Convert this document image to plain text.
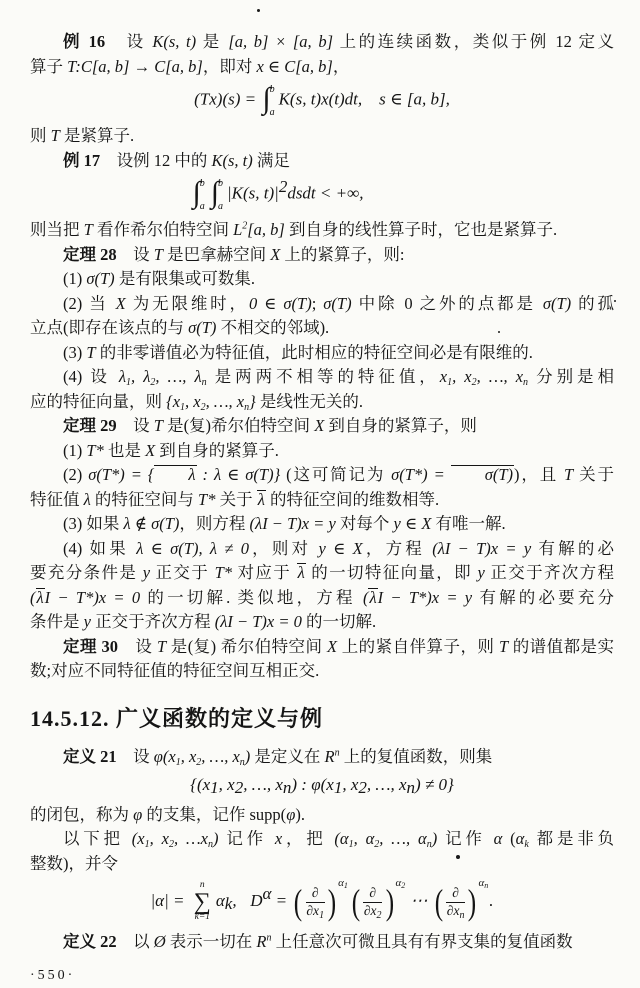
例 16　设 K(s, t) 是 [a, b] × [a, b] 上的连续函数，类似于例 12 定义
算子 T:C[a, b] → C[a, b]，即对 x ∈ C[a, b]，
(Tx)(s) = ∫ b
a
K(s, t)x(t)dt, s ∈ [a, b],
则 T 是紧算子.
例 17　设例 12 中的 K(s, t) 满足
∫ b
a ∫ b
a
|K(s, $t)|^2dsdt$ < +∞,
则当把 T 看作希尔伯特空间 $L^2[a$, b] 到自身的线性算子时，它也是紧算子.
定理 28　设 T 是巴拿赫空间 X 上的紧算子，则:
(1) σ(T) 是有限集或可数集.
(2) 当 X 为无限维时，0 ∈ σ(T); σ(T) 中除 0 之外的点都是 σ(T) 的孤
立点(即存在该点的与 σ(T) 不相交的邻域).
(3) T 的非零谱值必为特征值，此时相应的特征空间必是有限维的.
(4) 设 $\lambda_1$, $\lambda_2$, …, $\lambda_n$ 是两两不相等的特征值，$x_1$, $x_2$, …, $x_n$ 分别是相
应的特征向量，则 {$x_1$, $x_2$, …, $x_n$} 是线性无关的.
定理 29　设 T 是(复)希尔伯特空间 X 到自身的紧算子，则
(1) T* 也是 X 到自身的紧算子.
(2) σ(T*) = { λ : λ ∈ σ(T)} (这可简记为 σ(T*) = σ(T))，且 T 关于
特征值 λ 的特征空间与 T* 关于 λ 的特征空间的维数相等.
(3) 如果 λ ∉ σ(T)，则方程 (λI − T)x = y 对每个 y ∈ X 有唯一解.
(4) 如果 λ ∈ σ(T), λ ≠ 0，则对 y ∈ X，方程 (λI − T)x = y 有解的必
要充分条件是 y 正交于 T* 对应于 λ 的一切特征向量，即 y 正交于齐次方程
(λI − T*)x = 0 的一切解. 类似地，方程 (λI − T*)x = y 有解的必要充分
条件是 y 正交于齐次方程 (λI − T)x = 0 的一切解.
定理 30　设 T 是(复) 希尔伯特空间 X 上的紧自伴算子，则 T 的谱值都是实
数;对应不同特征值的特征空间互相正交.
14.5.12. 广义函数的定义与例
定义 21　设 $\varphi(x_1$, $x_2$, …, $x_n$) 是定义在 $R^n$ 上的复值函数，则集
{($x_1$, $x_2$, …, $x_n$) : $\varphi(x_1$, $x_2$, …, $x_n) \ne 0$}
的闭包，称为 φ 的支集，记作 supp(φ).
以下把 ($x_1$, $x_2$, $\dots x_n$) 记作 x，把 ($\alpha_1$, $\alpha_2$, …, $\alpha_n$) 记作 α ($\alpha_k$ 都是非负
整数)，并令
|α| =
n
∑
k=1
$\alpha_k$, $D^\alpha$ = ( ∂
$\partial x_1$ ) $\alpha_1$ ( ∂
$\partial x_2$ ) $\alpha_2$
⋯ ( ∂
$\partial x_n$ ) $\alpha_n$
.
定义 22　以 Ø 表示一切在 $R^n$ 上任意次可微且具有有界支集的复值函数
·550·
